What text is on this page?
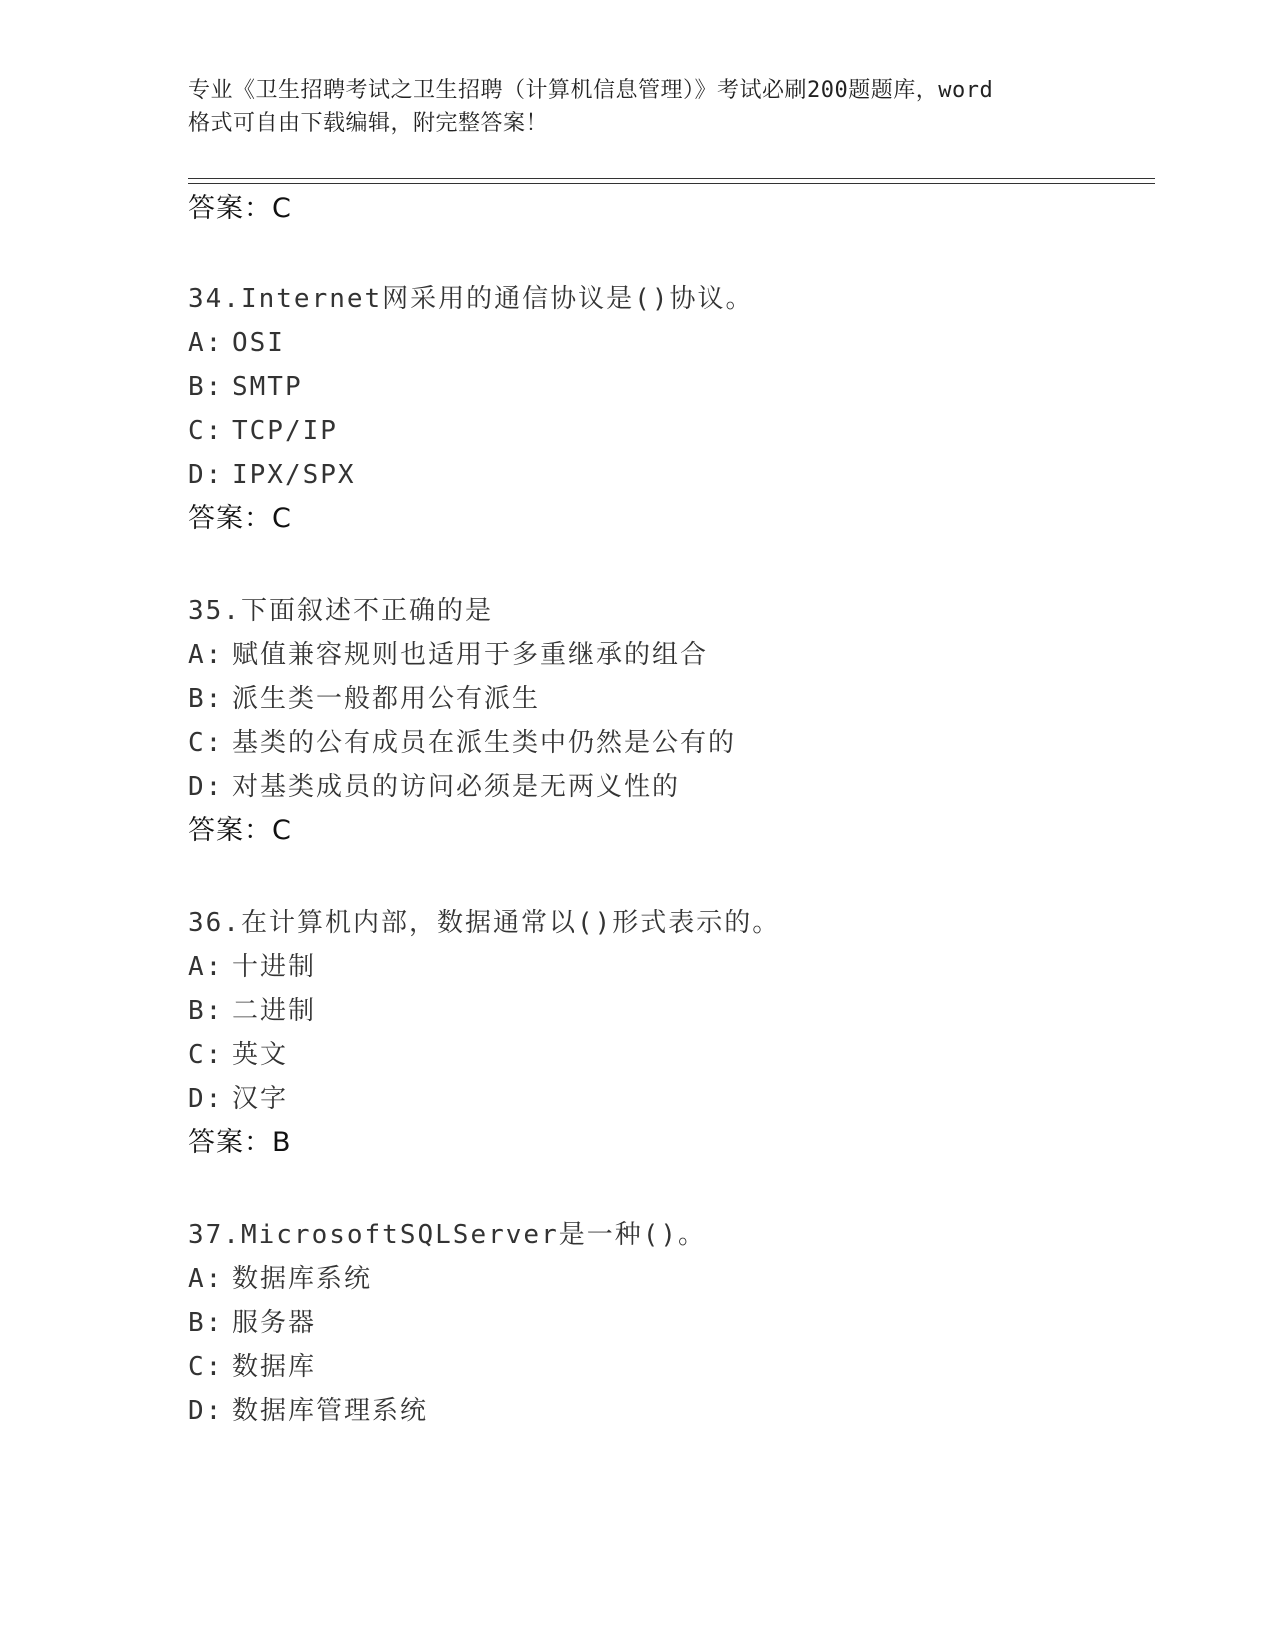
专业《卫生招聘考试之卫生招聘（计算机信息管理）》考试必刷200题题库，word
格式可自由下载编辑，附完整答案！
答案：C
34.Internet网采用的通信协议是()协议。
A: OSI
B: SMTP
C: TCP/IP
D: IPX/SPX
答案：C
35.下面叙述不正确的是
A: 赋值兼容规则也适用于多重继承的组合
B: 派生类一般都用公有派生
C: 基类的公有成员在派生类中仍然是公有的
D: 对基类成员的访问必须是无两义性的
答案：C
36.在计算机内部，数据通常以()形式表示的。
A: 十进制
B: 二进制
C: 英文
D: 汉字
答案：B
37.MicrosoftSQLServer是一种()。
A: 数据库系统
B: 服务器
C: 数据库
D: 数据库管理系统
